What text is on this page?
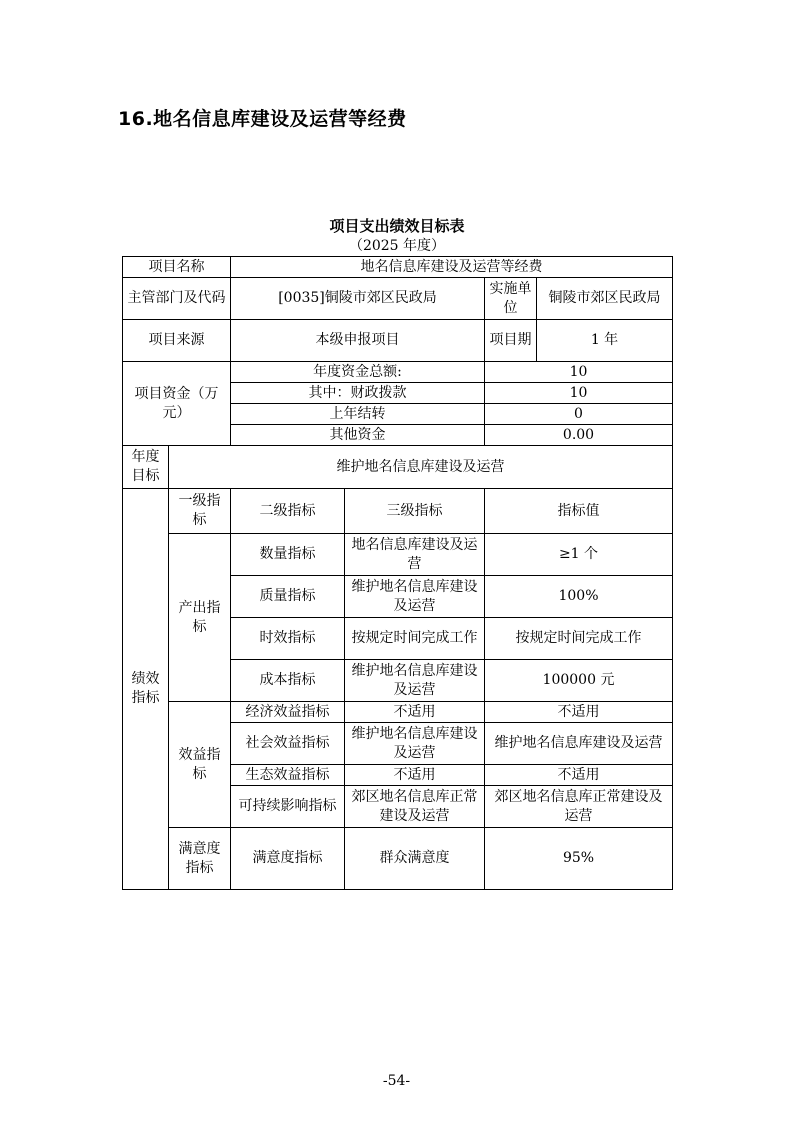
16.地名信息库建设及运营等经费
项目支出绩效目标表
（2025 年度）
项目名称		地名信息库建设及运营等经费			
主管部门及代码		[0035]铜陵市郊区民政局		实施单位	铜陵市郊区民政局
项目来源		本级申报项目		项目期	1 年
项目资金（万元）		年度资金总额:		10	
		其中：财政拨款		10	
		上年结转		0	
		其他资金		0.00	
年度目标	维护地名信息库建设及运营				
绩效指标	一级指标	二级指标	三级指标	指标值	
	产出指标	数量指标	地名信息库建设及运营	≥1 个	
		质量指标	维护地名信息库建设及运营	100%	
		时效指标	按规定时间完成工作	按规定时间完成工作	
		成本指标	维护地名信息库建设及运营	100000 元	
	效益指标	经济效益指标	不适用	不适用	
		社会效益指标	维护地名信息库建设及运营	维护地名信息库建设及运营	
		生态效益指标	不适用	不适用	
		可持续影响指标	郊区地名信息库正常建设及运营	郊区地名信息库正常建设及运营	
	满意度指标	满意度指标	群众满意度	95%	
-54-
